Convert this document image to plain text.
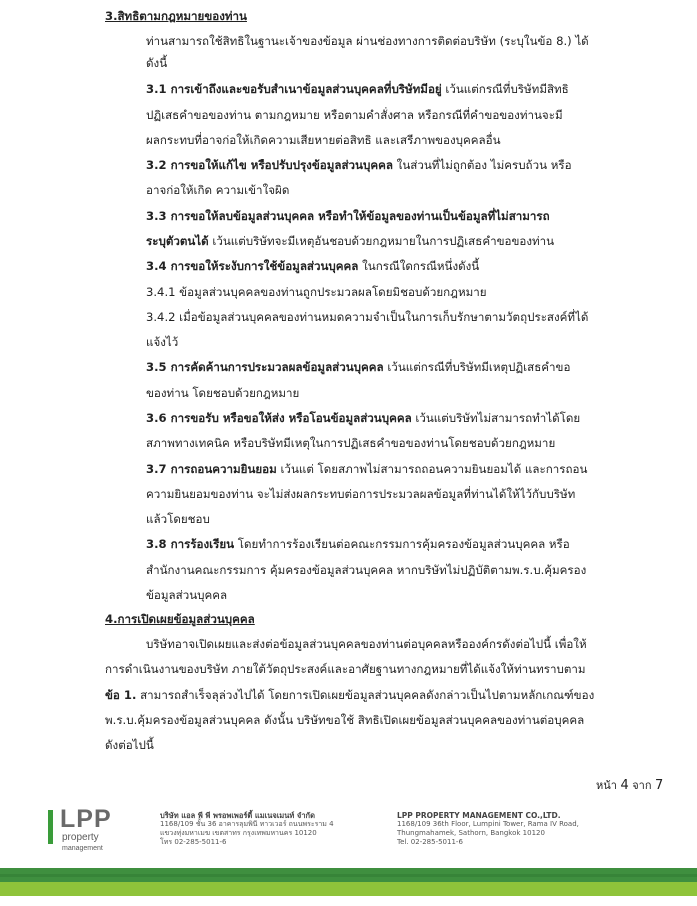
3.สิทธิตามกฎหมายของท่าน
ท่านสามารถใช้สิทธิในฐานะเจ้าของข้อมูล ผ่านช่องทางการติดต่อบริษัท (ระบุในข้อ 8.) ได้
ดังนี้
3.1 การเข้าถึงและขอรับสำเนาข้อมูลส่วนบุคคลที่บริษัทมีอยู่ เว้นแต่กรณีที่บริษัทมีสิทธิ
ปฏิเสธคำขอของท่าน ตามกฎหมาย หรือตามคำสั่งศาล หรือกรณีที่คำขอของท่านจะมี
ผลกระทบที่อาจก่อให้เกิดความเสียหายต่อสิทธิ และเสรีภาพของบุคคลอื่น
3.2 การขอให้แก้ไข หรือปรับปรุงข้อมูลส่วนบุคคล ในส่วนที่ไม่ถูกต้อง ไม่ครบถ้วน หรือ
อาจก่อให้เกิด ความเข้าใจผิด
3.3 การขอให้ลบข้อมูลส่วนบุคคล หรือทำให้ข้อมูลของท่านเป็นข้อมูลที่ไม่สามารถ
ระบุตัวตนได้ เว้นแต่บริษัทจะมีเหตุอันชอบด้วยกฎหมายในการปฏิเสธคำขอของท่าน
3.4 การขอให้ระงับการใช้ข้อมูลส่วนบุคคล ในกรณีใดกรณีหนึ่งดังนี้
3.4.1 ข้อมูลส่วนบุคคลของท่านถูกประมวลผลโดยมิชอบด้วยกฎหมาย
3.4.2 เมื่อข้อมูลส่วนบุคคลของท่านหมดความจำเป็นในการเก็บรักษาตามวัตถุประสงค์ที่ได้
แจ้งไว้
3.5 การคัดค้านการประมวลผลข้อมูลส่วนบุคคล เว้นแต่กรณีที่บริษัทมีเหตุปฏิเสธคำขอ
ของท่าน โดยชอบด้วยกฎหมาย
3.6 การขอรับ หรือขอให้ส่ง หรือโอนข้อมูลส่วนบุคคล เว้นแต่บริษัทไม่สามารถทำได้โดย
สภาพทางเทคนิค หรือบริษัทมีเหตุในการปฏิเสธคำขอของท่านโดยชอบด้วยกฎหมาย
3.7 การถอนความยินยอม เว้นแต่ โดยสภาพไม่สามารถถอนความยินยอมได้ และการถอน
ความยินยอมของท่าน จะไม่ส่งผลกระทบต่อการประมวลผลข้อมูลที่ท่านได้ให้ไว้กับบริษัท
แล้วโดยชอบ
3.8 การร้องเรียน โดยทำการร้องเรียนต่อคณะกรรมการคุ้มครองข้อมูลส่วนบุคคล หรือ
สำนักงานคณะกรรมการ คุ้มครองข้อมูลส่วนบุคคล หากบริษัทไม่ปฏิบัติตามพ.ร.บ.คุ้มครอง
ข้อมูลส่วนบุคคล
4.การเปิดเผยข้อมูลส่วนบุคคล
บริษัทอาจเปิดเผยและส่งต่อข้อมูลส่วนบุคคลของท่านต่อบุคคลหรือองค์กรดังต่อไปนี้ เพื่อให้
การดำเนินงานของบริษัท ภายใต้วัตถุประสงค์และอาศัยฐานทางกฎหมายที่ได้แจ้งให้ท่านทราบตาม
ข้อ 1. สามารถสำเร็จลุล่วงไปได้ โดยการเปิดเผยข้อมูลส่วนบุคคลดังกล่าวเป็นไปตามหลักเกณฑ์ของ
พ.ร.บ.คุ้มครองข้อมูลส่วนบุคคล ดังนั้น บริษัทขอใช้ สิทธิเปิดเผยข้อมูลส่วนบุคคลของท่านต่อบุคคล
ดังต่อไปนี้
หน้า 4 จาก 7
LPP
property
management
บริษัท แอล พี พี พรอพเพอร์ตี้ แมเนจเมนท์ จำกัด
1168/109 ชั้น 36 อาคารลุมพินี ทาวเวอร์ ถนนพระราม 4
แขวงทุ่งมหาเมฆ เขตสาทร กรุงเทพมหานคร 10120
โทร 02-285-5011-6
LPP PROPERTY MANAGEMENT CO.,LTD.
1168/109 36th Floor, Lumpini Tower, Rama IV Road,
Thungmahamek, Sathorn, Bangkok 10120
Tel. 02-285-5011-6
